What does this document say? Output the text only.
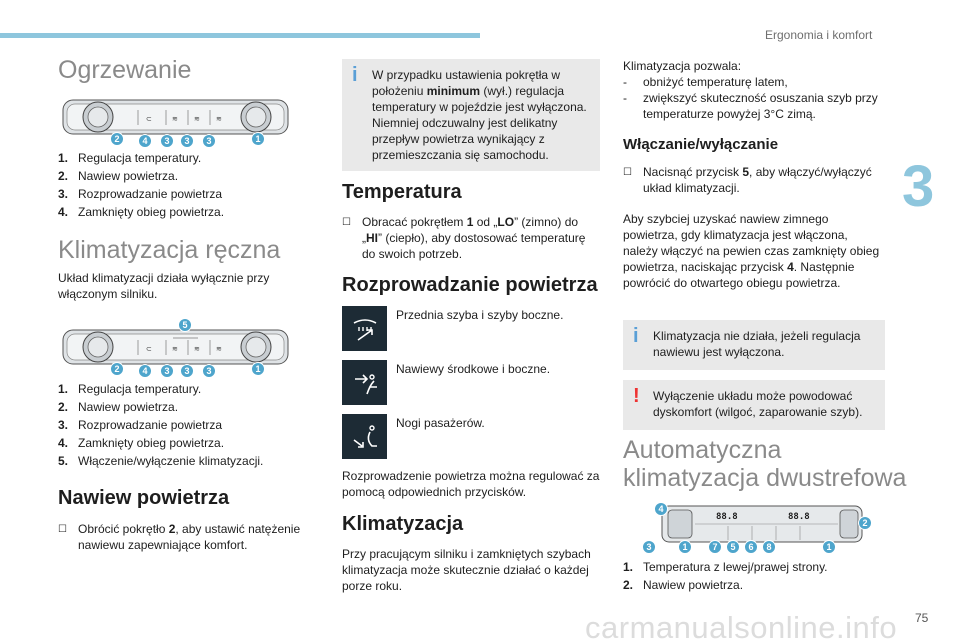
Ergonomia i komfort
3
Ogrzewanie
⊂	≋ ≋ ≋
2	4	3	3	3	1
1. Regulacja temperatury.
2. Nawiew powietrza.
3. Rozprowadzanie powietrza
4. Zamknięty obieg powietrza.
Klimatyzacja ręczna

Układ klimatyzacji działa wyłącznie przy włączonym silniku.

⊂	≋ ≋ ≋
5
2	4	3	3	3	1
1. Regulacja temperatury.
2. Nawiew powietrza.
3. Rozprowadzanie powietrza
4. Zamknięty obieg powietrza.
5. Włączenie/wyłączenie klimatyzacji.
Nawiew powietrza
☐ Obrócić pokrętło 2, aby ustawić natężenie nawiewu zapewniające komfort.
i W przypadku ustawienia pokrętła w położeniu minimum (wył.) regulacja temperatury w pojeździe jest wyłączona. Niemniej odczuwalny jest delikatny przepływ powietrza wynikający z przemieszczania się samochodu.
Temperatura
☐ Obracać pokrętłem 1 od „LO” (zimno) do „HI” (ciepło), aby dostosować temperaturę do swoich potrzeb.
Rozprowadzanie powietrza

Przednia szyba i szyby boczne.

Nawiewy środkowe i boczne.

Nogi pasażerów.

Rozprowadzenie powietrza można regulować za pomocą odpowiednich przycisków.

Klimatyzacja

Przy pracującym silniku i zamkniętych szybach klimatyzacja może skutecznie działać o każdej porze roku.

Klimatyzacja pozwala:

-	obniżyć temperaturę latem,
-	zwiększyć skuteczność osuszania szyb przy temperaturze powyżej 3°C zimą.
Włączanie/wyłączanie
☐ Nacisnąć przycisk 5, aby włączyć/wyłączyć układ klimatyzacji.

Aby szybciej uzyskać nawiew zimnego powietrza, gdy klimatyzacja jest włączona, należy włączyć na pewien czas zamknięty obieg powietrza, naciskając przycisk 4. Następnie powrócić do otwartego obiegu powietrza.

i Klimatyzacja nie działa, jeżeli regulacja nawiewu jest wyłączona.
! Wyłączenie układu może powodować dyskomfort (wilgoć, zaparowanie szyb).
Automatyczna
klimatyzacja dwustrefowa
88.8	88.8
4
2
3	1	7	5	6	8	1
1. Temperatura z lewej/prawej strony.
2. Nawiew powietrza.
carmanualsonline.info 75
